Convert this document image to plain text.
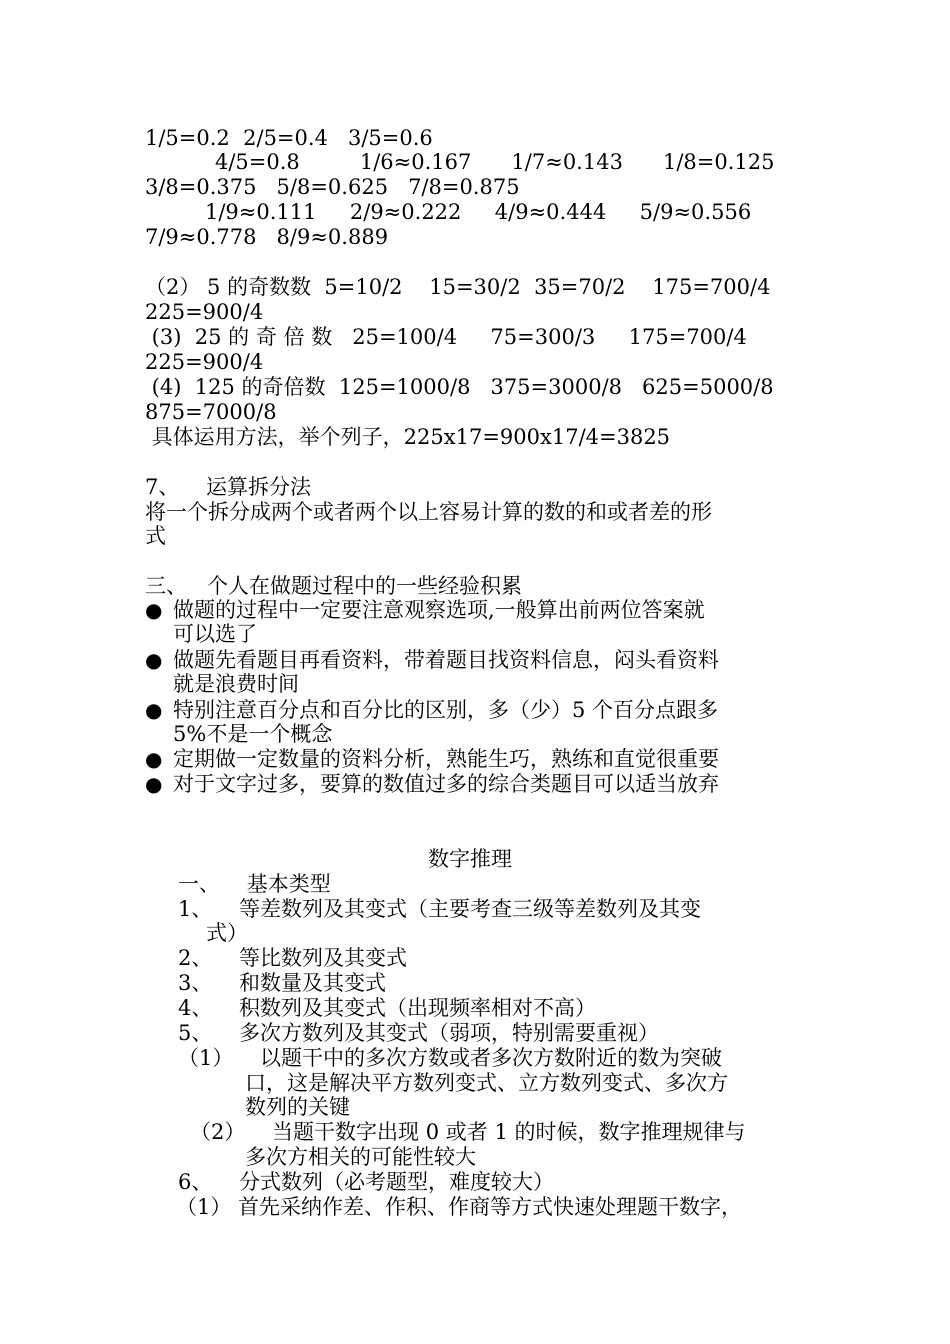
1/5=0.2  2/5=0.4   3/5=0.6
4/5=0.8         1/6≈0.167      1/7≈0.143      1/8=0.125
3/8=0.375   5/8=0.625   7/8=0.875
1/9≈0.111     2/9≈0.222     4/9≈0.444     5/9≈0.556
7/9≈0.778   8/9≈0.889
（2） 5 的奇数数  5=10/2    15=30/2  35=70/2    175=700/4
225=900/4
(3)  25 的 奇 倍 数   25=100/4     75=300/3     175=700/4
225=900/4
(4)  125 的奇倍数  125=1000/8   375=3000/8   625=5000/8
875=7000/8
具体运用方法，举个列子，225x17=900x17/4=3825
7、    运算拆分法
将一个拆分成两个或者两个以上容易计算的数的和或者差的形
式
三、   个人在做题过程中的一些经验积累
● 做题的过程中一定要注意观察选项,一般算出前两位答案就
可以选了
● 做题先看题目再看资料，带着题目找资料信息，闷头看资料
就是浪费时间
● 特别注意百分点和百分比的区别，多（少）5 个百分点跟多
5%不是一个概念
● 定期做一定数量的资料分析，熟能生巧，熟练和直觉很重要
● 对于文字过多，要算的数值过多的综合类题目可以适当放弃
数字推理
一、    基本类型
1、    等差数列及其变式（主要考查三级等差数列及其变
式）
2、    等比数列及其变式
3、    和数量及其变式
4、    积数列及其变式（出现频率相对不高）
5、    多次方数列及其变式（弱项，特别需要重视）
（1）    以题干中的多次方数或者多次方数附近的数为突破
口，这是解决平方数列变式、立方数列变式、多次方
数列的关键
（2）    当题干数字出现 0 或者 1 的时候，数字推理规律与
多次方相关的可能性较大
6、    分式数列（必考题型，难度较大）
（1） 首先采纳作差、作积、作商等方式快速处理题干数字，
